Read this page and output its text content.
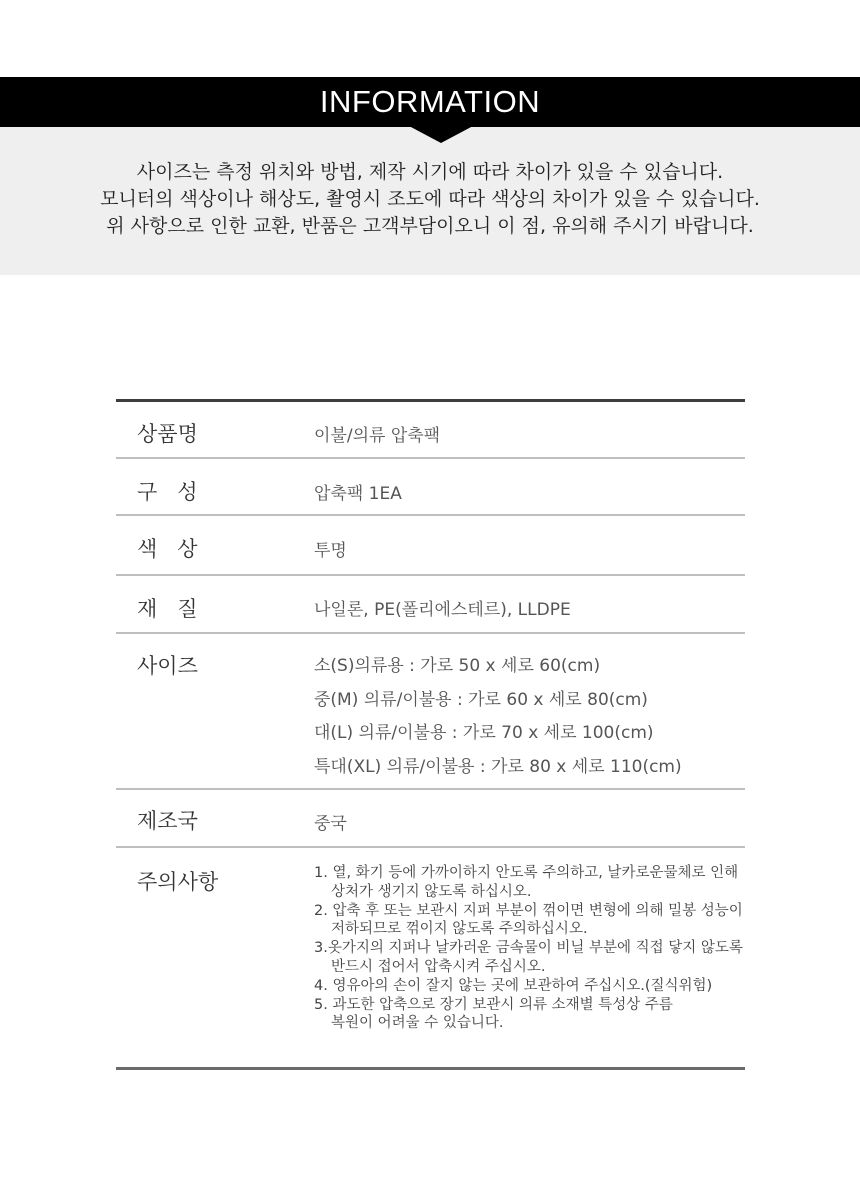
INFORMATION
사이즈는 측정 위치와 방법, 제작 시기에 따라 차이가 있을 수 있습니다.
모니터의 색상이나 해상도, 촬영시 조도에 따라 색상의 차이가 있을 수 있습니다.
위 사항으로 인한 교환, 반품은 고객부담이오니 이 점, 유의해 주시기 바랍니다.
상품명	이불/의류 압축팩
구   성	압축팩 1EA
색   상	투명
재   질	나일론, PE(폴리에스테르), LLDPE
사이즈	소(S)의류용 : 가로 50 x 세로 60(cm)
중(M) 의류/이불용 : 가로 60 x 세로 80(cm)
대(L) 의류/이불용 : 가로 70 x 세로 100(cm)
특대(XL) 의류/이불용 : 가로 80 x 세로 110(cm)
제조국	중국
주의사항	1. 열, 화기 등에 가까이하지 안도록 주의하고, 날카로운물체로 인해
상처가 생기지 않도록 하십시오.
2. 압축 후 또는 보관시 지퍼 부분이 꺾이면 변형에 의해 밀봉 성능이
저하되므로 꺾이지 않도록 주의하십시오.
3.옷가지의 지퍼나 날카러운 금속물이 비닐 부분에 직접 닿지 않도록
반드시 접어서 압축시켜 주십시오.
4. 영유아의 손이 잘지 않는 곳에 보관하여 주십시오.(질식위험)
5. 과도한 압축으로 장기 보관시 의류 소재별 특성상 주름
복원이 어려울 수 있습니다.
